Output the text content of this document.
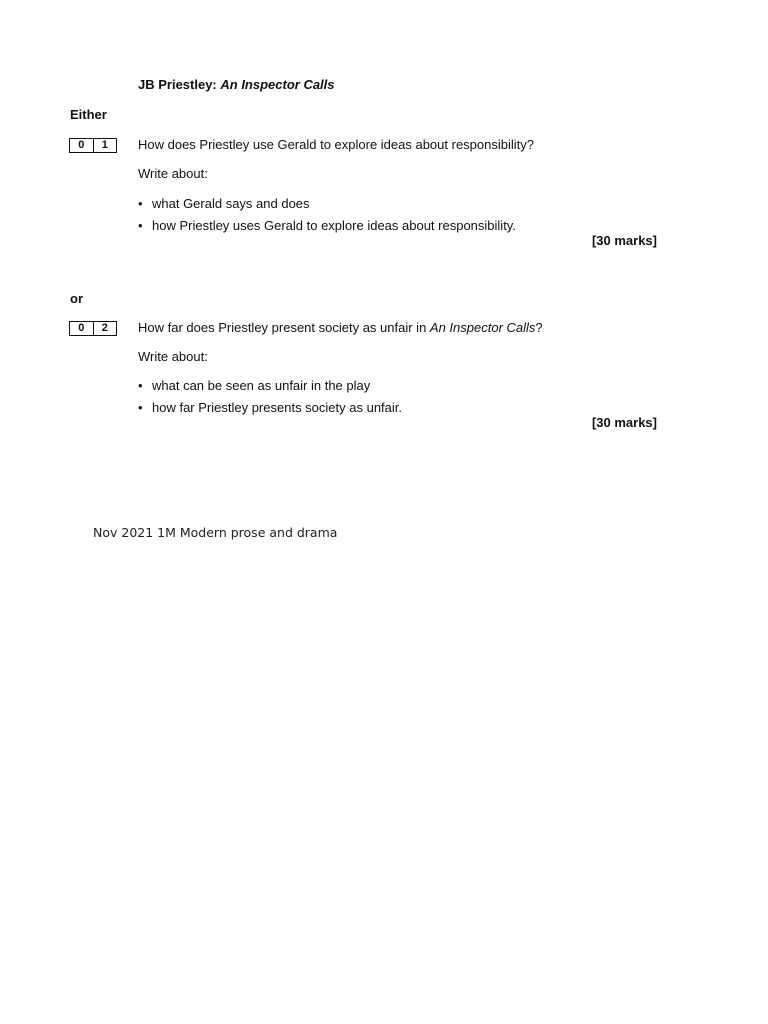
JB Priestley: An Inspector Calls
Either
0	1	How does Priestley use Gerald to explore ideas about responsibility?
Write about:
• what Gerald says and does
• how Priestley uses Gerald to explore ideas about responsibility.
[30 marks]
or
0	2	How far does Priestley present society as unfair in An Inspector Calls?
Write about:
• what can be seen as unfair in the play
• how far Priestley presents society as unfair.
[30 marks]
Nov 2021 1M Modern prose and drama
